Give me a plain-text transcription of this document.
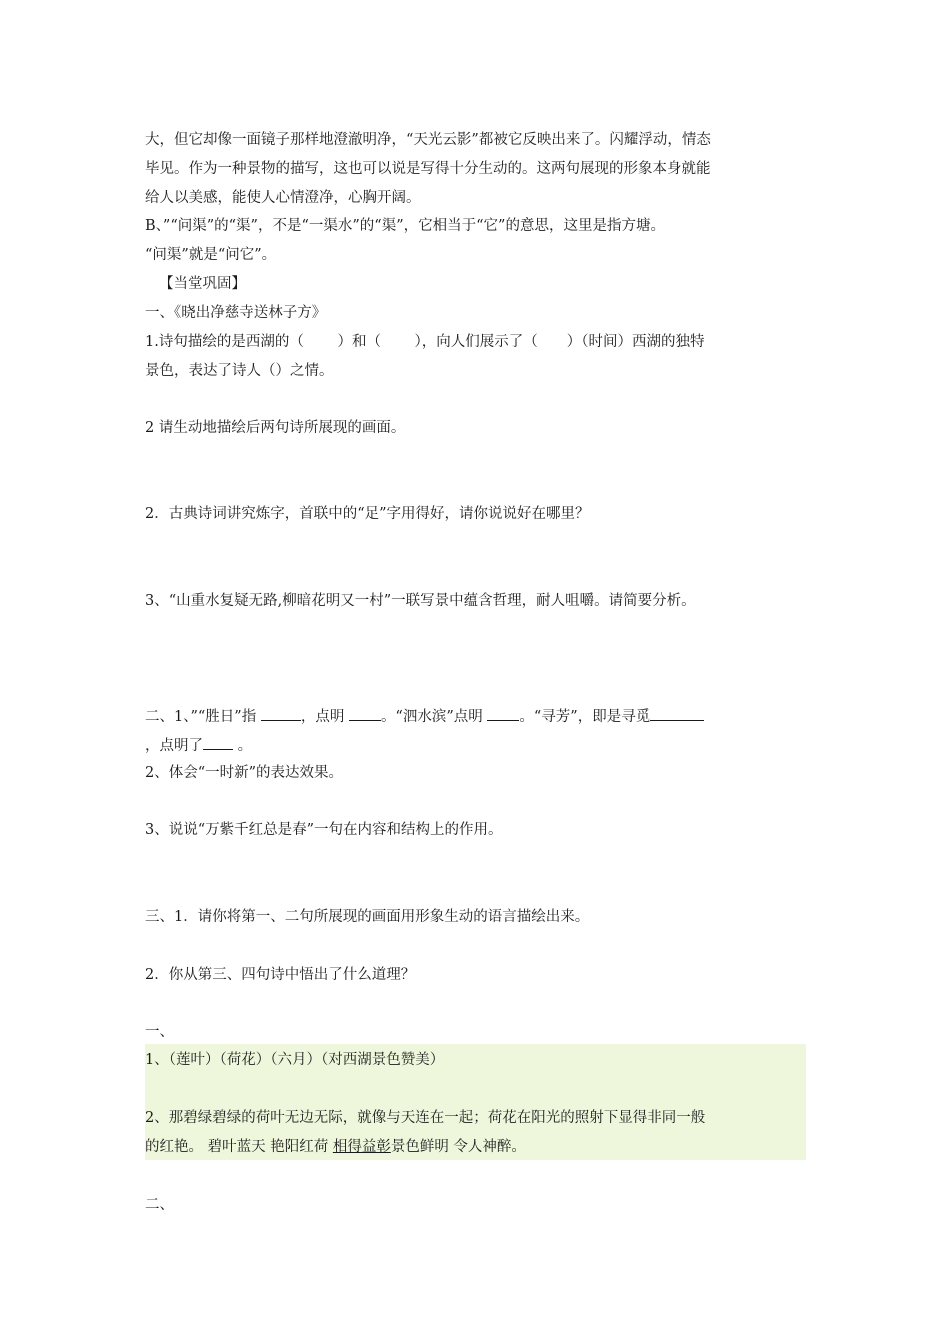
大，但它却像一面镜子那样地澄澈明净，“天光云影”都被它反映出来了。闪耀浮动，情态
毕见。作为一种景物的描写，这也可以说是写得十分生动的。这两句展现的形象本身就能
给人以美感，能使人心情澄净，心胸开阔。
B、”“问渠”的“渠”，不是“一渠水”的“渠”，它相当于“它”的意思，这里是指方塘。
“问渠”就是“问它”。
【当堂巩固】
一、《晓出净慈寺送林子方》
1.诗句描绘的是西湖的（　　 ）和（　　 ），向人们展示了（　　）（时间）西湖的独特
景色，表达了诗人（）之情。
2 请生动地描绘后两句诗所展现的画面。
2．古典诗词讲究炼字，首联中的“足”字用得好，请你说说好在哪里？
3、“山重水复疑无路,柳暗花明又一村”一联写景中蕴含哲理，耐人咀嚼。请简要分析。
二、1、”“胜日”指	，点明	。“泗水滨”点明	。“寻芳”，即是寻觅
，点明了 。
2、体会“一时新”的表达效果。
3、说说“万紫千红总是春”一句在内容和结构上的作用。
三、1．请你将第一、二句所展现的画面用形象生动的语言描绘出来。
2．你从第三、四句诗中悟出了什么道理？
一、
1、（莲叶）（荷花）（六月）（对西湖景色赞美）
2、那碧绿碧绿的荷叶无边无际，就像与天连在一起；荷花在阳光的照射下显得非同一般
的红艳。 碧叶蓝天 艳阳红荷 相得益彰景色鲜明 令人神醉。
二、
